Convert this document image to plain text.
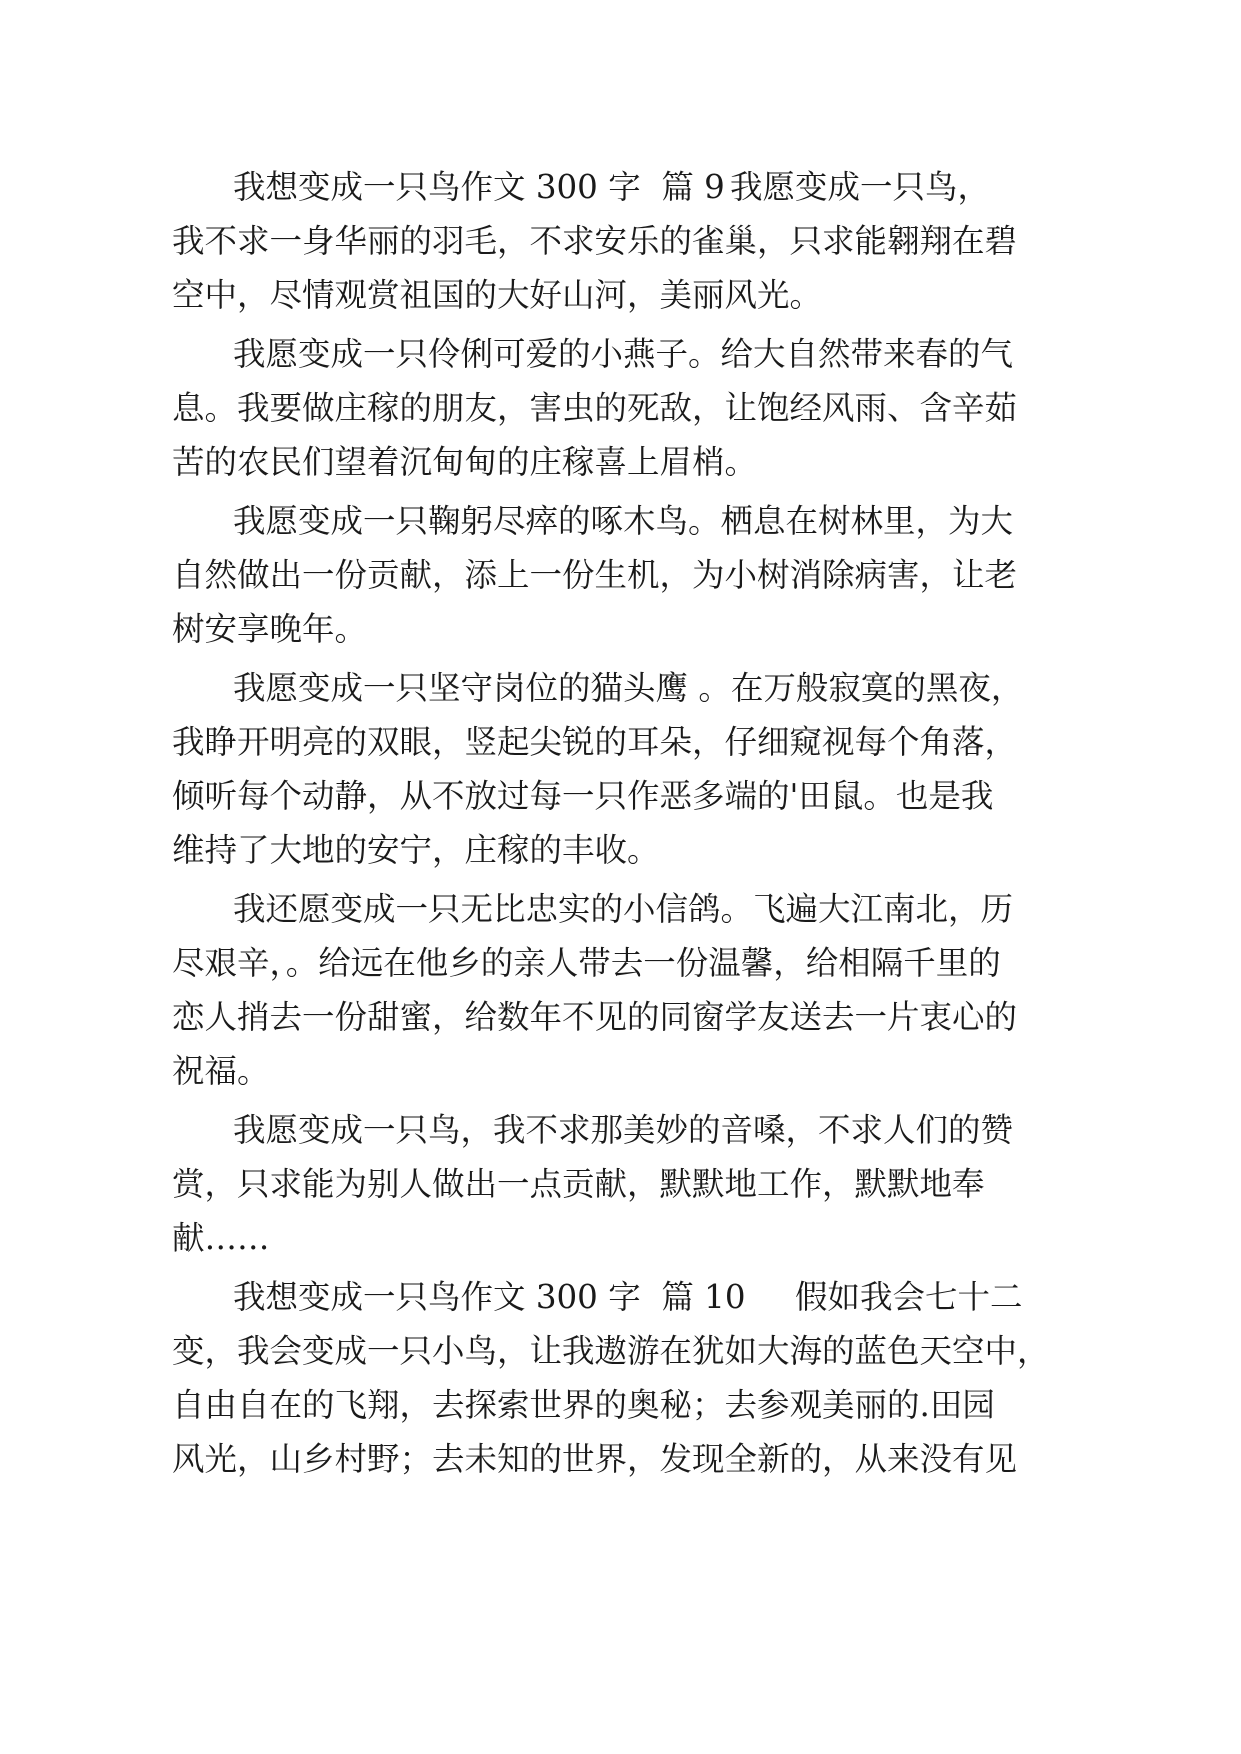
我想变成一只鸟作文 300 字  篇 9

我愿变成一只鸟，

我不求一身华丽的羽毛，不求安乐的雀巢，只求能翱翔在碧

空中，尽情观赏祖国的大好山河，美丽风光。

我愿变成一只伶俐可爱的小燕子。给大自然带来春的气

息。我要做庄稼的朋友，害虫的死敌，让饱经风雨、含辛茹

苦的农民们望着沉甸甸的庄稼喜上眉梢。

我愿变成一只鞠躬尽瘁的啄木鸟。栖息在树林里，为大

自然做出一份贡献，添上一份生机，为小树消除病害，让老

树安享晚年。

我愿变成一只坚守岗位的猫头鹰 。在万般寂寞的黑夜，

我睁开明亮的双眼，竖起尖锐的耳朵，仔细窥视每个角落，

倾听每个动静，从不放过每一只作恶多端的'田鼠。也是我

维持了大地的安宁，庄稼的丰收。

我还愿变成一只无比忠实的小信鸽。飞遍大江南北，历

尽艰辛，。给远在他乡的亲人带去一份温馨，给相隔千里的

恋人捎去一份甜蜜，给数年不见的同窗学友送去一片衷心的

祝福。

我愿变成一只鸟，我不求那美妙的音嗓，不求人们的赞

赏，只求能为别人做出一点贡献，默默地工作，默默地奉

献……

我想变成一只鸟作文 300 字  篇 10

假如我会七十二

变，我会变成一只小鸟，让我遨游在犹如大海的蓝色天空中，

自由自在的飞翔，去探索世界的奥秘；去参观美丽的.田园

风光，山乡村野；去未知的世界，发现全新的，从来没有见
